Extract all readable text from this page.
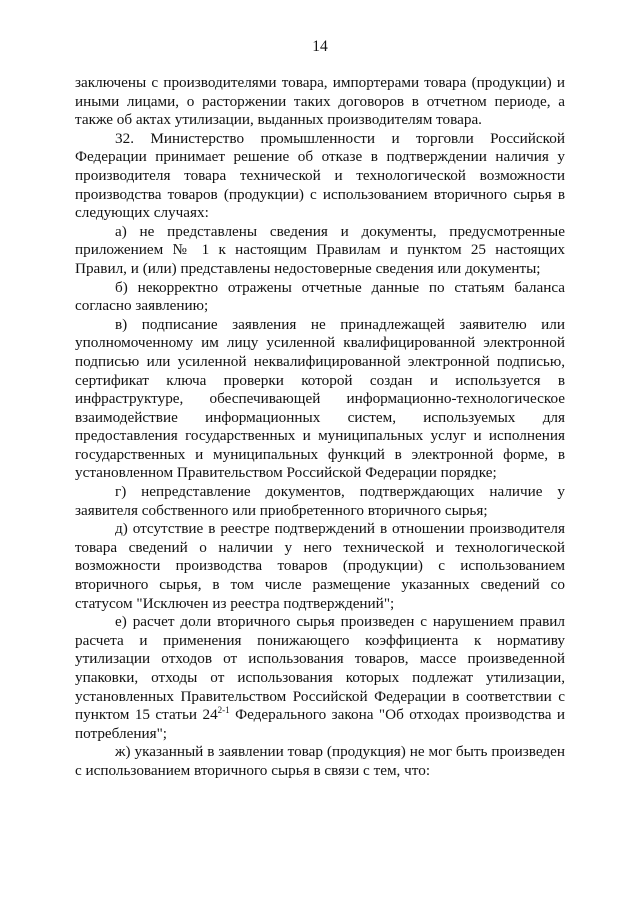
14

заключены с производителями товара, импортерами товара (продукции) и иными лицами, о расторжении таких договоров в отчетном периоде, а также об актах утилизации, выданных производителям товара.

32. Министерство промышленности и торговли Российской Федерации принимает решение об отказе в подтверждении наличия у производителя товара технической и технологической возможности производства товаров (продукции) с использованием вторичного сырья в следующих случаях:

а) не представлены сведения и документы, предусмотренные приложением № 1 к настоящим Правилам и пунктом 25 настоящих Правил, и (или) представлены недостоверные сведения или документы;

б) некорректно отражены отчетные данные по статьям баланса согласно заявлению;

в) подписание заявления не принадлежащей заявителю или уполномоченному им лицу усиленной квалифицированной электронной подписью или усиленной неквалифицированной электронной подписью, сертификат ключа проверки которой создан и используется в инфраструктуре, обеспечивающей информационно-технологическое взаимодействие информационных систем, используемых для предоставления государственных и муниципальных услуг и исполнения государственных и муниципальных функций в электронной форме, в установленном Правительством Российской Федерации порядке;

г) непредставление документов, подтверждающих наличие у заявителя собственного или приобретенного вторичного сырья;

д) отсутствие в реестре подтверждений в отношении производителя товара сведений о наличии у него технической и технологической возможности производства товаров (продукции) с использованием вторичного сырья, в том числе размещение указанных сведений со статусом "Исключен из реестра подтверждений";

е) расчет доли вторичного сырья произведен с нарушением правил расчета и применения понижающего коэффициента к нормативу утилизации отходов от использования товаров, массе произведенной упаковки, отходы от использования которых подлежат утилизации, установленных Правительством Российской Федерации в соответствии с пунктом 15 статьи 24$^{2-1}$ Федерального закона "Об отходах производства и потребления";

ж) указанный в заявлении товар (продукция) не мог быть произведен с использованием вторичного сырья в связи с тем, что:
